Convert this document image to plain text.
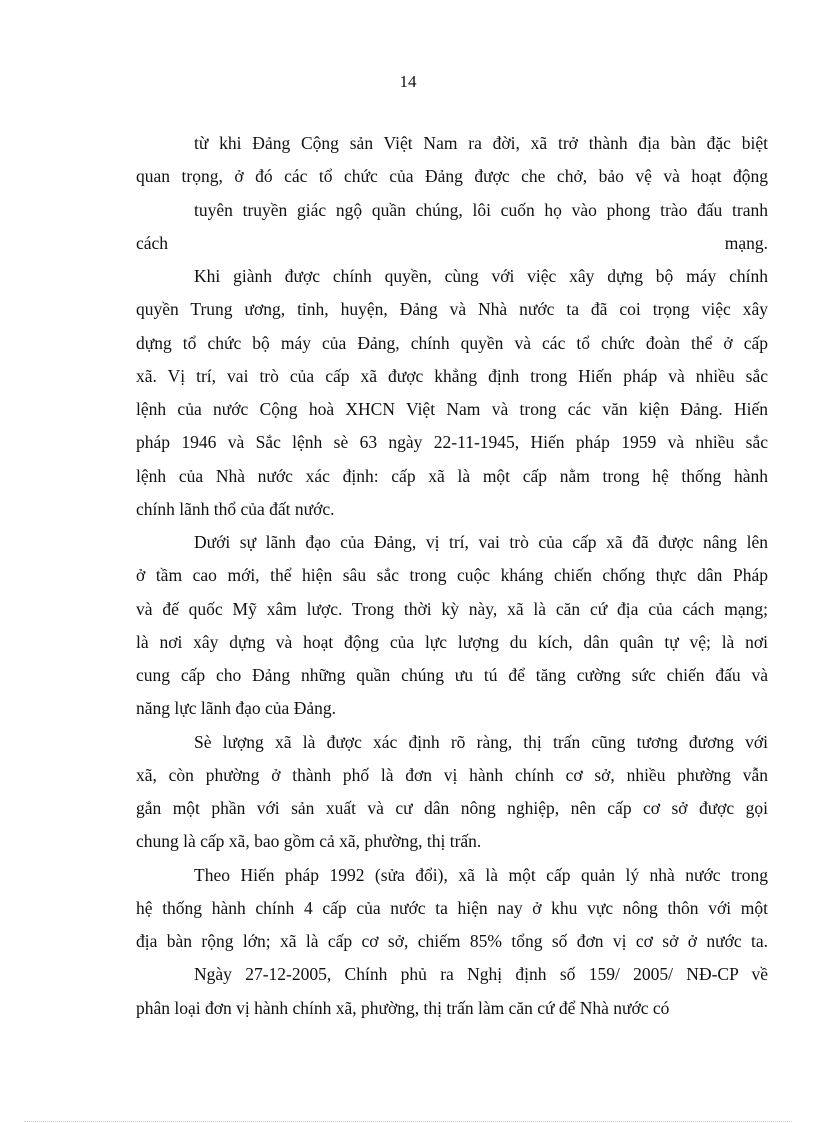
14
từ khi Đảng Cộng sản Việt Nam ra đời, xã trở thành địa bàn đặc biệt
quan trọng, ở đó các tổ chức của Đảng được che chở, bảo vệ và hoạt động
tuyên truyền giác ngộ quần chúng, lôi cuốn họ vào phong trào đấu tranh
cách	mạng.
Khi giành được chính quyền, cùng với việc xây dựng bộ máy chính
quyền Trung ương, tỉnh, huyện, Đảng và Nhà nước ta đã coi trọng việc xây
dựng tổ chức bộ máy của Đảng, chính quyền và các tổ chức đoàn thể ở cấp
xã. Vị trí, vai trò của cấp xã được khẳng định trong Hiến pháp và nhiều sắc
lệnh của nước Cộng hoà XHCN Việt Nam và trong các văn kiện Đảng. Hiến
pháp 1946 và Sắc lệnh sè 63 ngày 22-11-1945, Hiến pháp 1959 và nhiều sắc
lệnh của Nhà nước xác định: cấp xã là một cấp nằm trong hệ thống hành
chính lãnh thổ của đất nước.
Dưới sự lãnh đạo của Đảng, vị trí, vai trò của cấp xã đã được nâng lên
ở tầm cao mới, thể hiện sâu sắc trong cuộc kháng chiến chống thực dân Pháp
và đế quốc Mỹ xâm lược. Trong thời kỳ này, xã là căn cứ địa của cách mạng;
là nơi xây dựng và hoạt động của lực lượng du kích, dân quân tự vệ; là nơi
cung cấp cho Đảng những quần chúng ưu tú để tăng cường sức chiến đấu và
năng lực lãnh đạo của Đảng.
Sè lượng xã là được xác định rõ ràng, thị trấn cũng tương đương với
xã, còn phường ở thành phố là đơn vị hành chính cơ sở, nhiều phường vẫn
gắn một phần với sản xuất và cư dân nông nghiệp, nên cấp cơ sở được gọi
chung là cấp xã, bao gồm cả xã, phường, thị trấn.
Theo Hiến pháp 1992 (sửa đổi), xã là một cấp quản lý nhà nước trong
hệ thống hành chính 4 cấp của nước ta hiện nay ở khu vực nông thôn với một
địa bàn rộng lớn; xã là cấp cơ sở, chiếm 85% tổng số đơn vị cơ sở ở nước ta.
Ngày 27-12-2005, Chính phủ ra Nghị định số 159/ 2005/ NĐ-CP về
phân loại đơn vị hành chính xã, phường, thị trấn làm căn cứ để Nhà nước có
